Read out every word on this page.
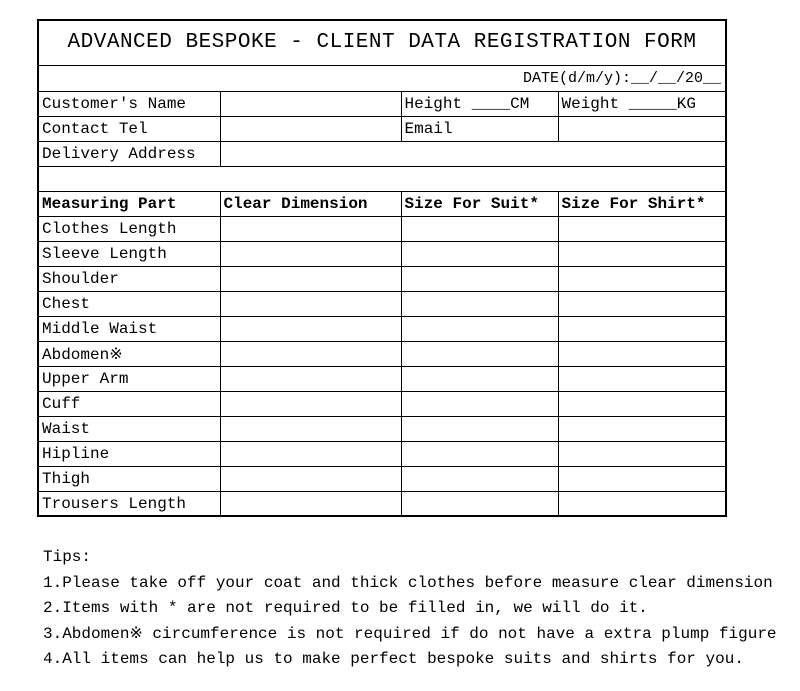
ADVANCED BESPOKE - CLIENT DATA REGISTRATION FORM
DATE(d/m/y):__/__/20__
Customer's Name		Height ____CM	Weight _____KG
Contact Tel		Email	
Delivery Address			
Measuring Part	Clear Dimension	Size For Suit*	Size For Shirt*
Clothes Length			
Sleeve Length			
Shoulder			
Chest			
Middle Waist			
Abdomen※			
Upper Arm			
Cuff			
Waist			
Hipline			
Thigh			
Trousers Length			
Tips:
1.Please take off your coat and thick clothes before measure clear dimension
2.Items with * are not required to be filled in, we will do it.
3.Abdomen※ circumference is not required if do not have a extra plump figure
4.All items can help us to make perfect bespoke suits and shirts for you.
